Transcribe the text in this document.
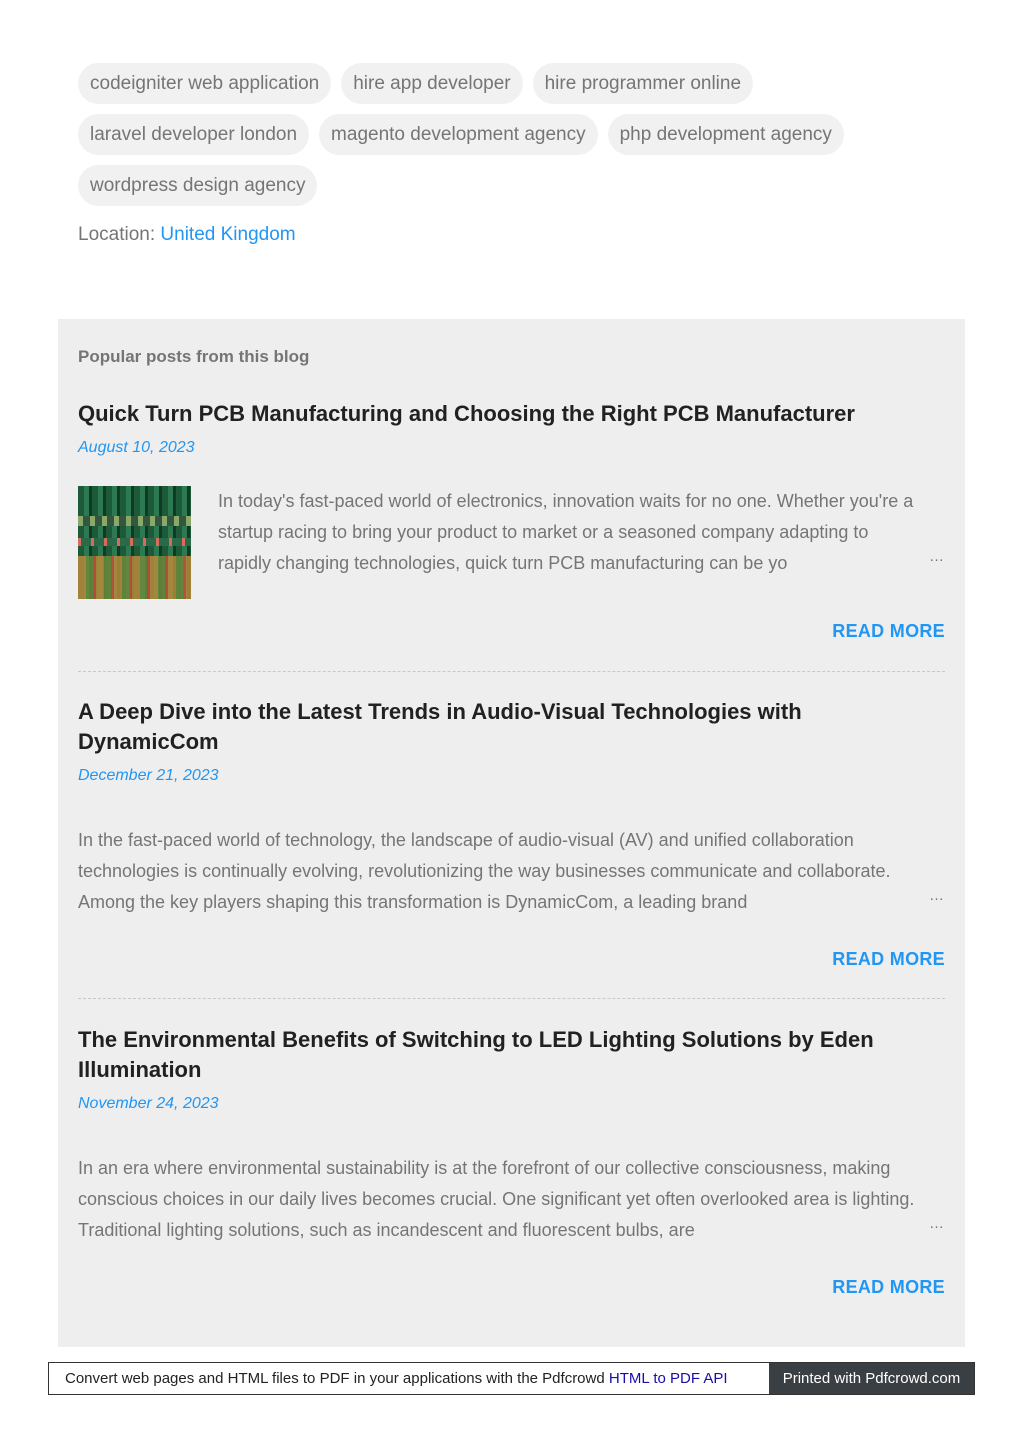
codeigniter web application	hire app developer	hire programmer online
laravel developer london	magento development agency	php development agency
wordpress design agency
Location: United Kingdom
Popular posts from this blog
Quick Turn PCB Manufacturing and Choosing the Right PCB Manufacturer
August 10, 2023

In today's fast-paced world of electronics, innovation waits for no one. Whether you're a startup racing to bring your product to market or a seasoned company adapting to rapidly changing technologies, quick turn PCB manufacturing can be yo	…
READ MORE
A Deep Dive into the Latest Trends in Audio-Visual Technologies with DynamicCom
December 21, 2023

In the fast-paced world of technology, the landscape of audio-visual (AV) and unified collaboration technologies is continually evolving, revolutionizing the way businesses communicate and collaborate. Among the key players shaping this transformation is DynamicCom, a leading brand	…
READ MORE
The Environmental Benefits of Switching to LED Lighting Solutions by Eden Illumination
November 24, 2023

In an era where environmental sustainability is at the forefront of our collective consciousness, making conscious choices in our daily lives becomes crucial. One significant yet often overlooked area is lighting. Traditional lighting solutions, such as incandescent and fluorescent bulbs, are	…
READ MORE
Convert web pages and HTML files to PDF in your applications with the Pdfcrowd HTML to PDF API	Printed with Pdfcrowd.com
